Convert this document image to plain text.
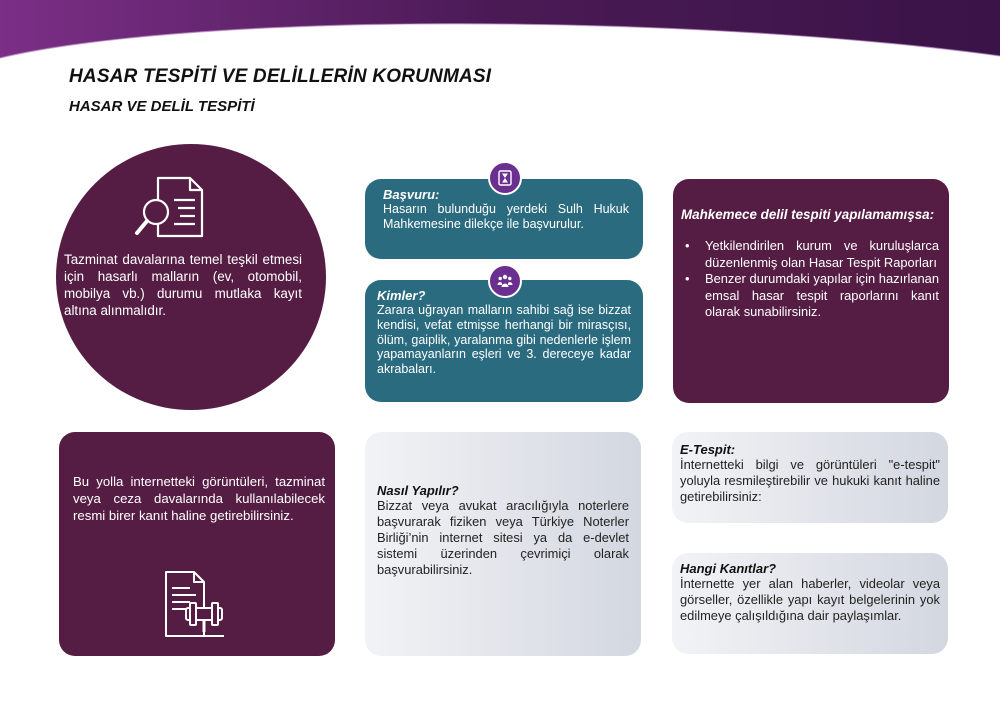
HASAR TESPİTİ VE DELİLLERİN KORUNMASI
HASAR VE DELİL TESPİTİ
Tazminat davalarına temel teşkil etmesi için hasarlı malların (ev, otomobil, mobilya vb.) durumu mutlaka kayıt altına alınmalıdır.
Başvuru:
Hasarın bulunduğu yerdeki Sulh Hukuk Mahkemesine dilekçe ile başvurulur.
Kimler?
Zarara uğrayan malların sahibi sağ ise bizzat kendisi, vefat etmişse herhangi bir mirasçısı, ölüm, gaiplik, yaralanma gibi nedenlerle işlem yapamayanların eşleri ve 3. dereceye kadar akrabaları.
Mahkemece delil tespiti yapılamamışsa:
• Yetkilendirilen kurum ve kuruluşlarca düzenlenmiş olan Hasar Tespit Raporları
• Benzer durumdaki yapılar için hazırlanan emsal hasar tespit raporlarını kanıt olarak sunabilirsiniz.
Bu yolla internetteki görüntüleri, tazminat veya ceza davalarında kullanılabilecek resmi birer kanıt haline getirebilirsiniz.
Nasıl Yapılır?
Bizzat veya avukat aracılığıyla noterlere başvurarak fiziken veya Türkiye Noterler Birliği’nin internet sitesi ya da e-devlet sistemi üzerinden çevrimiçi olarak başvurabilirsiniz.
E-Tespit:
İnternetteki bilgi ve görüntüleri "e-tespit" yoluyla resmileştirebilir ve hukuki kanıt haline getirebilirsiniz:
Hangi Kanıtlar?
İnternette yer alan haberler, videolar veya görseller, özellikle yapı kayıt belgelerinin yok edilmeye çalışıldığına dair paylaşımlar.
